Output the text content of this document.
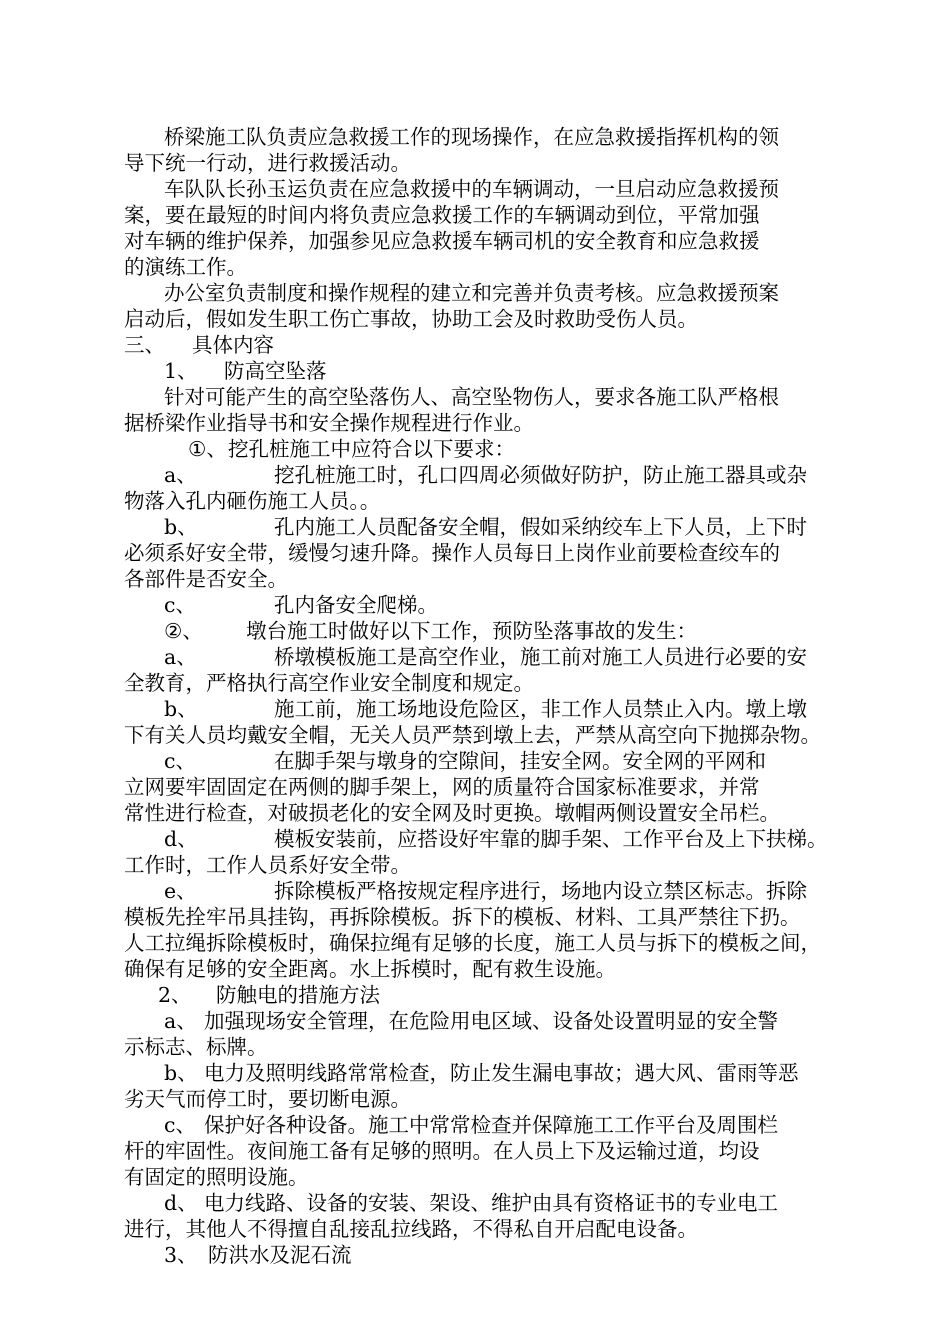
桥梁施工队负责应急救援工作的现场操作，在应急救援指挥机构的领
导下统一行动，进行救援活动。
车队队长孙玉运负责在应急救援中的车辆调动，一旦启动应急救援预
案，要在最短的时间内将负责应急救援工作的车辆调动到位，平常加强
对车辆的维护保养，加强参见应急救援车辆司机的安全教育和应急救援
的演练工作。
办公室负责制度和操作规程的建立和完善并负责考核。应急救援预案
启动后，假如发生职工伤亡事故，协助工会及时救助受伤人员。
三、 具体内容
1、 防高空坠落
针对可能产生的高空坠落伤人、高空坠物伤人，要求各施工队严格根
据桥梁作业指导书和安全操作规程进行作业。
①、挖孔桩施工中应符合以下要求：
a、	挖孔桩施工时，孔口四周必须做好防护，防止施工器具或杂
物落入孔内砸伤施工人员。。
b、	孔内施工人员配备安全帽，假如采纳绞车上下人员，上下时
必须系好安全带，缓慢匀速升降。操作人员每日上岗作业前要检查绞车的
各部件是否安全。
c、	孔内备安全爬梯。
②、 墩台施工时做好以下工作，预防坠落事故的发生：
a、	桥墩模板施工是高空作业，施工前对施工人员进行必要的安
全教育，严格执行高空作业安全制度和规定。
b、	施工前，施工场地设危险区，非工作人员禁止入内。墩上墩
下有关人员均戴安全帽，无关人员严禁到墩上去，严禁从高空向下抛掷杂物。
c、	在脚手架与墩身的空隙间，挂安全网。安全网的平网和
立网要牢固固定在两侧的脚手架上，网的质量符合国家标准要求，并常
常性进行检查，对破损老化的安全网及时更换。墩帽两侧设置安全吊栏。
d、	模板安装前，应搭设好牢靠的脚手架、工作平台及上下扶梯。
工作时，工作人员系好安全带。
e、	拆除模板严格按规定程序进行，场地内设立禁区标志。拆除
模板先拴牢吊具挂钩，再拆除模板。拆下的模板、材料、工具严禁往下扔。
人工拉绳拆除模板时，确保拉绳有足够的长度，施工人员与拆下的模板之间，
确保有足够的安全距离。水上拆模时，配有救生设施。
2、 防触电的措施方法
a、 加强现场安全管理，在危险用电区域、设备处设置明显的安全警
示标志、标牌。
b、 电力及照明线路常常检查，防止发生漏电事故；遇大风、雷雨等恶
劣天气而停工时，要切断电源。
c、 保护好各种设备。施工中常常检查并保障施工工作平台及周围栏
杆的牢固性。夜间施工备有足够的照明。在人员上下及运输过道，均设
有固定的照明设施。
d、 电力线路、设备的安装、架设、维护由具有资格证书的专业电工
进行，其他人不得擅自乱接乱拉线路，不得私自开启配电设备。
3、 防洪水及泥石流
